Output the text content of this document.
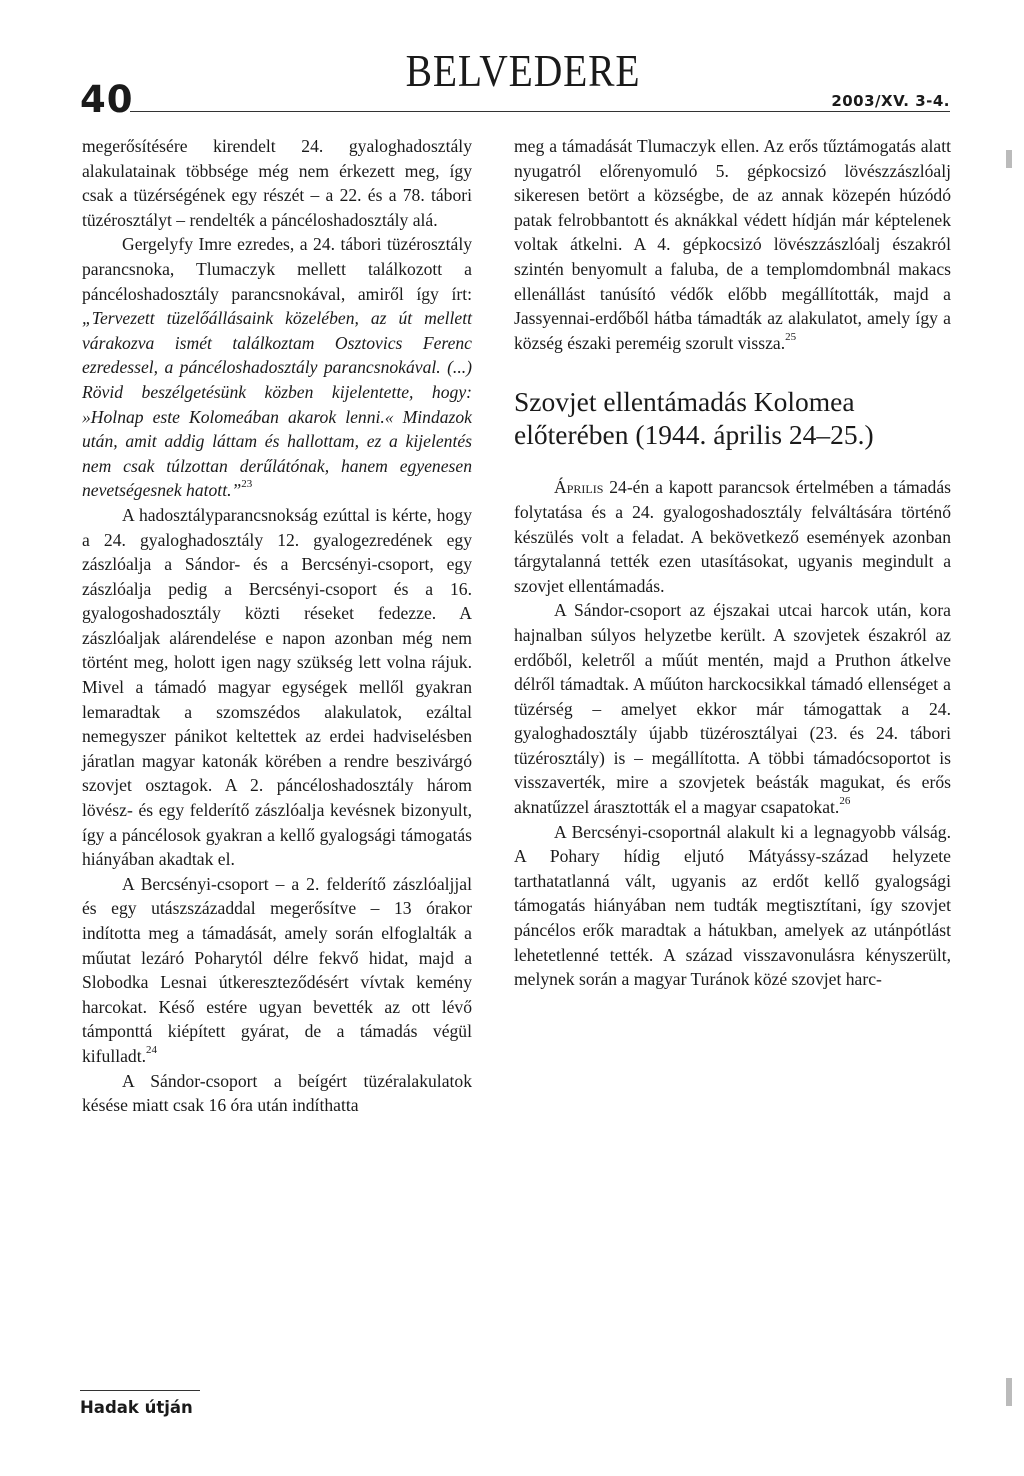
40
BELVEDERE
2003/XV. 3-4.

megerősítésére kirendelt 24. gyaloghadosztály alakulatainak többsége még nem érkezett meg, így csak a tüzérségének egy részét – a 22. és a 78. tábori tüzérosztályt – rendelték a páncéloshadosztály alá.

Gergelyfy Imre ezredes, a 24. tábori tüzérosztály parancsnoka, Tlumaczyk mellett találkozott a páncéloshadosztály parancsnokával, amiről így írt: „Tervezett tüzelőállásaink közelében, az út mellett várakozva ismét találkoztam Osztovics Ferenc ezredessel, a páncéloshadosztály parancsnokával. (...) Rövid beszélgetésünk közben kijelentette, hogy: »Holnap este Kolomeában akarok lenni.« Mindazok után, amit addig láttam és hallottam, ez a kijelentés nem csak túlzottan derűlátónak, hanem egyenesen nevetségesnek hatott.”$^{23}$

A hadosztályparancsnokság ezúttal is kérte, hogy a 24. gyaloghadosztály 12. gyalogezredének egy zászlóalja a Sándor- és a Bercsényi-csoport, egy zászlóalja pedig a Bercsényi-csoport és a 16. gyalogoshadosztály közti réseket fedezze. A zászlóaljak alárendelése e napon azonban még nem történt meg, holott igen nagy szükség lett volna rájuk. Mivel a támadó magyar egységek mellől gyakran lemaradtak a szomszédos alakulatok, ezáltal nemegyszer pánikot keltettek az erdei hadviselésben járatlan magyar katonák körében a rendre beszivárgó szovjet osztagok. A 2. páncéloshadosztály három lövész- és egy felderítő zászlóalja kevésnek bizonyult, így a páncélosok gyakran a kellő gyalogsági támogatás hiányában akadtak el.

A Bercsényi-csoport – a 2. felderítő zászlóaljjal és egy utászszázaddal megerősítve – 13 órakor indította meg a támadását, amely során elfoglalták a műutat lezáró Poharytól délre fekvő hidat, majd a Slobodka Lesnai útkereszteződésért vívtak kemény harcokat. Késő estére ugyan bevették az ott lévő támponttá kiépített gyárat, de a támadás végül kifulladt.$^{24}$

A Sándor-csoport a beígért tüzéralakulatok késése miatt csak 16 óra után indíthatta

meg a támadását Tlumaczyk ellen. Az erős tűztámogatás alatt nyugatról előrenyomuló 5. gépkocsizó lövészzászlóalj sikeresen betört a községbe, de az annak közepén húzódó patak felrobbantott és aknákkal védett hídján már képtelenek voltak átkelni. A 4. gépkocsizó lövészzászlóalj északról szintén benyomult a faluba, de a templomdombnál makacs ellenállást tanúsító védők előbb megállították, majd a Jassyennai-erdőből hátba támadták az alakulatot, amely így a község északi pereméig szorult vissza.$^{25}$

Szovjet ellentámadás Kolomea előterében (1944. április 24–25.)

Április 24-én a kapott parancsok értelmében a támadás folytatása és a 24. gyalogoshadosztály felváltására történő készülés volt a feladat. A bekövetkező események azonban tárgytalanná tették ezen utasításokat, ugyanis megindult a szovjet ellentámadás.

A Sándor-csoport az éjszakai utcai harcok után, kora hajnalban súlyos helyzetbe került. A szovjetek északról az erdőből, keletről a műút mentén, majd a Pruthon átkelve délről támadtak. A műúton harckocsikkal támadó ellenséget a tüzérség – amelyet ekkor már támogattak a 24. gyaloghadosztály újabb tüzérosztályai (23. és 24. tábori tüzérosztály) is – megállította. A többi támadócsoportot is visszaverték, mire a szovjetek beásták magukat, és erős aknatűzzel árasztották el a magyar csapatokat.$^{26}$

A Bercsényi-csoportnál alakult ki a legnagyobb válság. A Pohary hídig eljutó Mátyássy-század helyzete tarthatatlanná vált, ugyanis az erdőt kellő gyalogsági támogatás hiányában nem tudták megtisztítani, így szovjet páncélos erők maradtak a hátukban, amelyek az utánpótlást lehetetlenné tették. A század visszavonulásra kényszerült, melynek során a magyar Turánok közé szovjet harc-

Hadak útján
